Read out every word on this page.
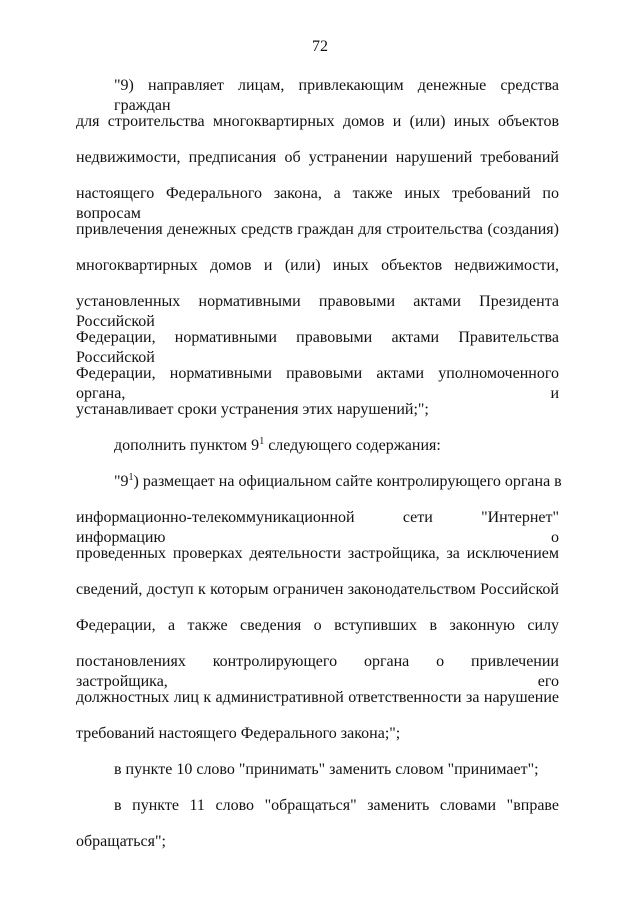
72
"9) направляет лицам, привлекающим денежные средства граждан
для строительства многоквартирных домов и (или) иных объектов
недвижимости, предписания об устранении нарушений требований
настоящего Федерального закона, а также иных требований по вопросам
привлечения денежных средств граждан для строительства (создания)
многоквартирных домов и (или) иных объектов недвижимости,
установленных нормативными правовыми актами Президента Российской
Федерации, нормативными правовыми актами Правительства Российской
Федерации, нормативными правовыми актами уполномоченного органа, и
устанавливает сроки устранения этих нарушений;";
дополнить пунктом $9^1$ следующего содержания:
"$9^1$) размещает на официальном сайте контролирующего органа в
информационно-телекоммуникационной сети "Интернет" информацию о
проведенных проверках деятельности застройщика, за исключением
сведений, доступ к которым ограничен законодательством Российской
Федерации, а также сведения о вступивших в законную силу
постановлениях контролирующего органа о привлечении застройщика, его
должностных лиц к административной ответственности за нарушение
требований настоящего Федерального закона;";
в пункте 10 слово "принимать" заменить словом "принимает";
в пункте 11 слово "обращаться" заменить словами "вправе
обращаться";
